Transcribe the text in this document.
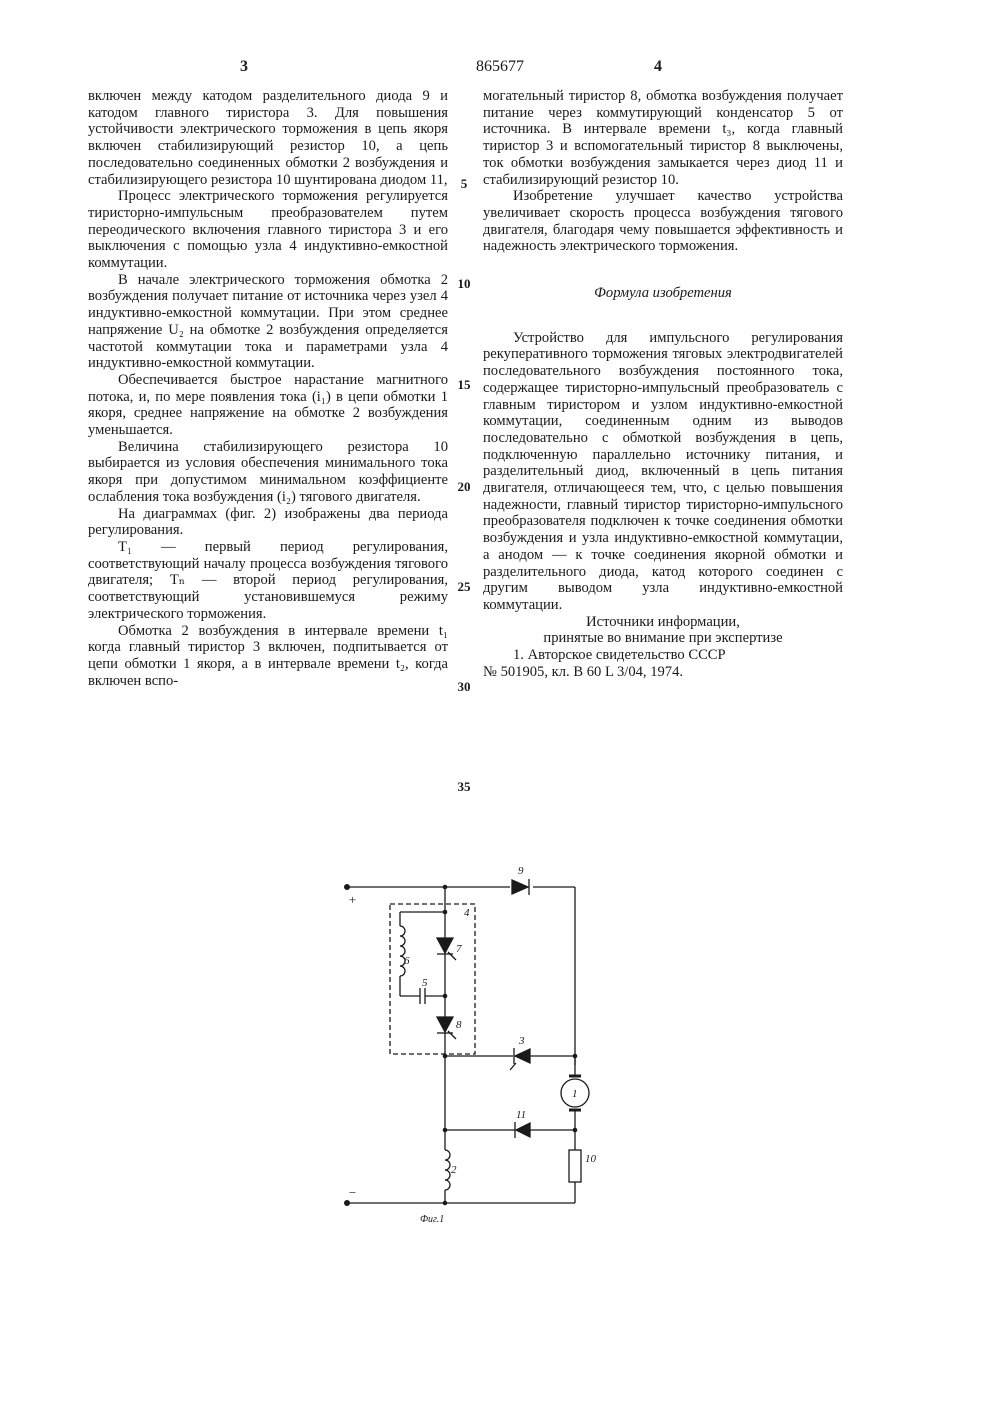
3	865677	4

включен между катодом разделительного диода 9 и катодом главного тиристора 3. Для повышения устойчивости электрического торможения в цепь якоря включен стабилизирующий резистор 10, а цепь последовательно соединенных обмотки 2 возбуждения и стабилизирующего резистора 10 шунтирована диодом 11,

Процесс электрического торможения регулируется тиристорно-импульсным преобразователем путем переодического включения главного тиристора 3 и его выключения с помощью узла 4 индуктивно-емкостной коммутации.

В начале электрического торможения обмотка 2 возбуждения получает питание от источника через узел 4 индуктивно-емкостной коммутации. При этом среднее напряжение U₂ на обмотке 2 возбуждения определяется частотой коммутации тока и параметрами узла 4 индуктивно-емкостной коммутации.

Обеспечивается быстрое нарастание магнитного потока, и, по мере появления тока (i₁) в цепи обмотки 1 якоря, среднее напряжение на обмотке 2 возбуждения уменьшается.

Величина стабилизирующего резистора 10 выбирается из условия обеспечения минимального тока якоря при допустимом минимальном коэффициенте ослабления тока возбуждения (i₂) тягового двигателя.

На диаграммах (фиг. 2) изображены два периода регулирования.

T₁ — первый период регулирования, соответствующий началу процесса возбуждения тягового двигателя; Tₙ — второй период регулирования, соответствующий установившемуся режиму электрического торможения.

Обмотка 2 возбуждения в интервале времени t₁ когда главный тиристор 3 включен, подпитывается от цепи обмотки 1 якоря, а в интервале времени t₂, когда включен вспо-

5
10
15
20
25
30
35

могательный тиристор 8, обмотка возбуждения получает питание через коммутирующий конденсатор 5 от источника. В интервале времени t₃, когда главный тиристор 3 и вспомогательный тиристор 8 выключены, ток обмотки возбуждения замыкается через диод 11 и стабилизирующий резистор 10.

Изобретение улучшает качество устройства увеличивает скорость процесса возбуждения тягового двигателя, благодаря чему повышается эффективность и надежность электрического торможения.

Формула изобретения

Устройство для импульсного регулирования рекуперативного торможения тяговых электродвигателей последовательного возбуждения постоянного тока, содержащее тиристорно-импульсный преобразователь с главным тиристором и узлом индуктивно-емкостной коммутации, соединенным одним из выводов последовательно с обмоткой возбуждения в цепь, подключенную параллельно источнику питания, и разделительный диод, включенный в цепь питания двигателя, отличающееся тем, что, с целью повышения надежности, главный тиристор тиристорно-импульсного преобразователя подключен к точке соединения обмотки возбуждения и узла индуктивно-емкостной коммутации, а анодом — к точке соединения якорной обмотки и разделительного диода, катод которого соединен с другим выводом узла индуктивно-емкостной коммутации.

Источники информации,

принятые во внимание при экспертизе

1. Авторское свидетельство СССР

№ 501905, кл. В 60 L 3/04, 1974.

+
−
9
4
6
7
5
8
3
1
11
10
2
Фиг.1
